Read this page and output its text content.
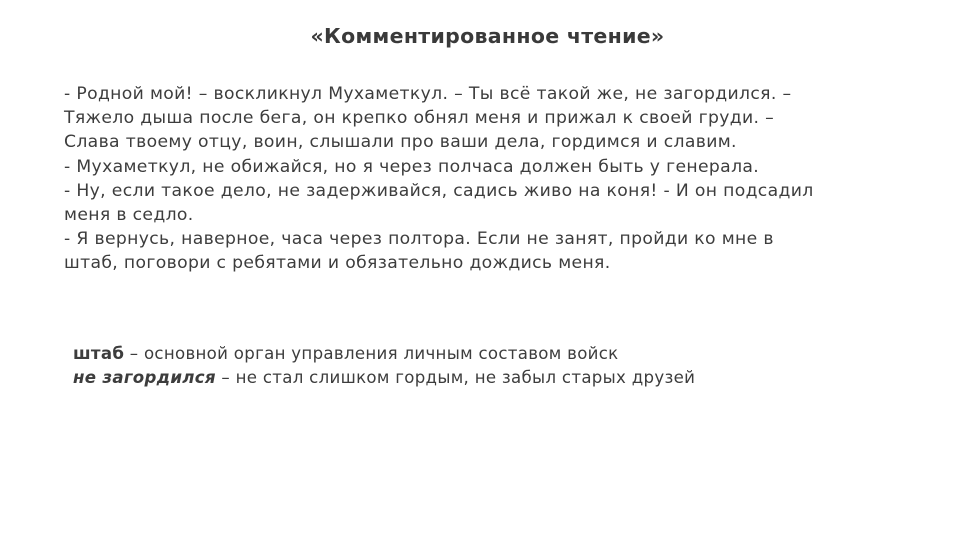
«Комментированное чтение»
- Родной мой! – воскликнул Мухаметкул. – Ты всё такой же, не загордился. –
Тяжело дыша после бега, он крепко обнял меня и прижал к своей груди. –
Слава твоему отцу, воин, слышали про ваши дела, гордимся и славим.
- Мухаметкул, не обижайся, но я через полчаса должен быть у генерала.
- Ну, если такое дело, не задерживайся, садись живо на коня! - И он подсадил
меня в седло.
- Я вернусь, наверное, часа через полтора. Если не занят, пройди ко мне в
штаб, поговори с ребятами и обязательно дождись меня.
штаб – основной орган управления личным составом войск
не загордился – не стал слишком гордым, не забыл старых друзей
